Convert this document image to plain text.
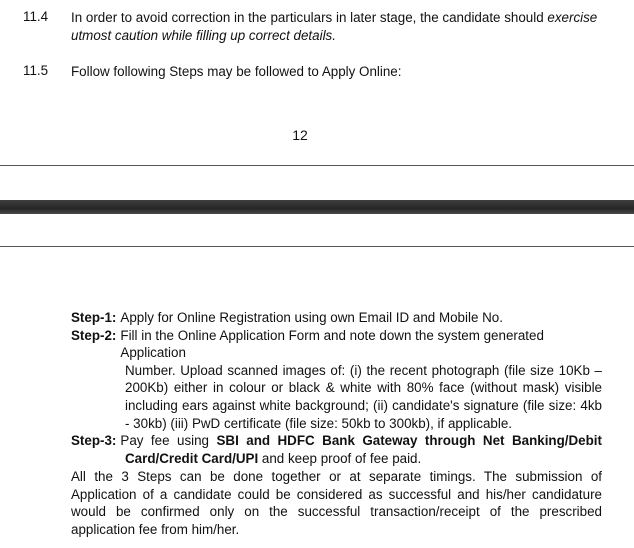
11.4 In order to avoid correction in the particulars in later stage, the candidate should exercise utmost caution while filling up correct details.
11.5 Follow following Steps may be followed to Apply Online:
12
Step-1: Apply for Online Registration using own Email ID and Mobile No.
Step-2: Fill in the Online Application Form and note down the system generated Application
Number. Upload scanned images of: (i) the recent photograph (file size 10Kb – 200Kb) either in colour or black & white with 80% face (without mask) visible including ears against white background; (ii) candidate's signature (file size: 4kb - 30kb) (iii) PwD certificate (file size: 50kb to 300kb), if applicable.
Step-3: Pay fee using SBI and HDFC Bank Gateway through Net Banking/Debit
Card/Credit Card/UPI and keep proof of fee paid.
All the 3 Steps can be done together or at separate timings. The submission of Application of a candidate could be considered as successful and his/her candidature would be confirmed only on the successful transaction/receipt of the prescribed application fee from him/her.
